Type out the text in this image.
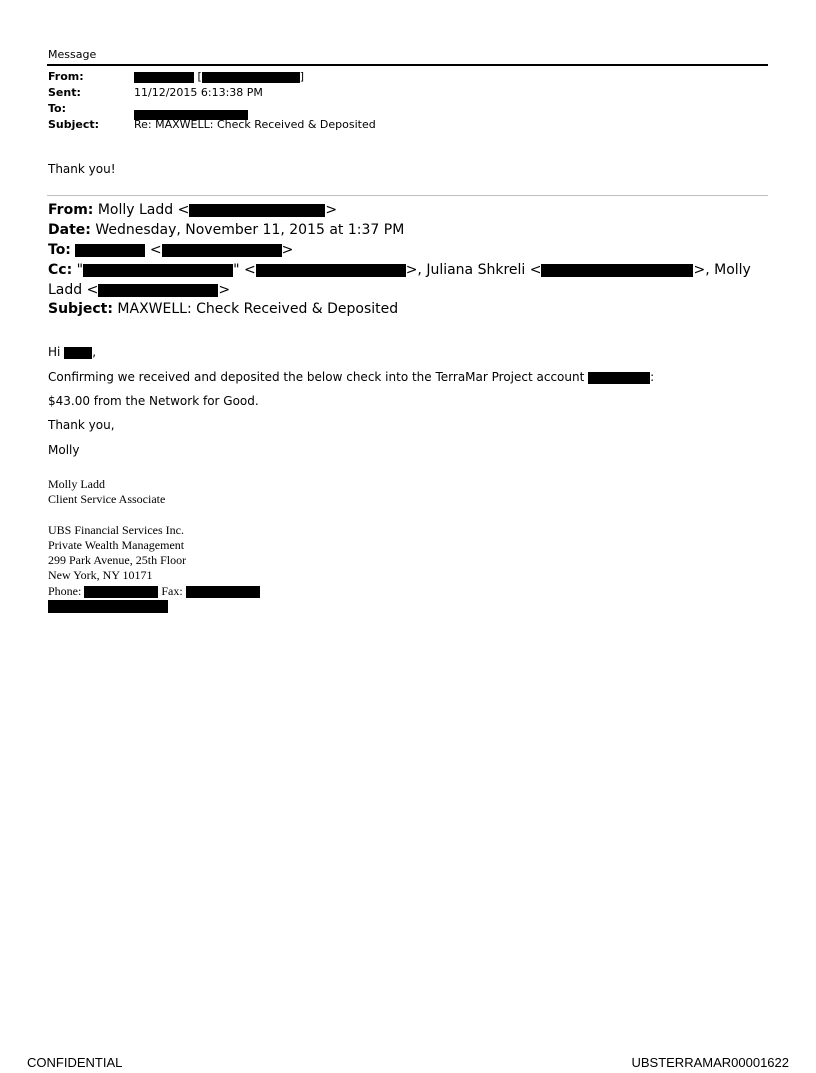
Message
From:	[	]
Sent:	11/12/2015 6:13:38 PM
To:
Subject:	Re: MAXWELL: Check Received & Deposited
Thank you!
From: Molly Ladd <	>
Date: Wednesday, November 11, 2015 at 1:37 PM
To:	<	>
Cc: "	" <	>, Juliana Shkreli <	>, Molly
Ladd <	>
Subject: MAXWELL: Check Received & Deposited
Hi	,
Confirming we received and deposited the below check into the TerraMar Project account	:
$43.00 from the Network for Good.
Thank you,
Molly
Molly Ladd
Client Service Associate
UBS Financial Services Inc.
Private Wealth Management
299 Park Avenue, 25th Floor
New York, NY 10171
Phone:	Fax:
CONFIDENTIAL	UBSTERRAMAR00001622
